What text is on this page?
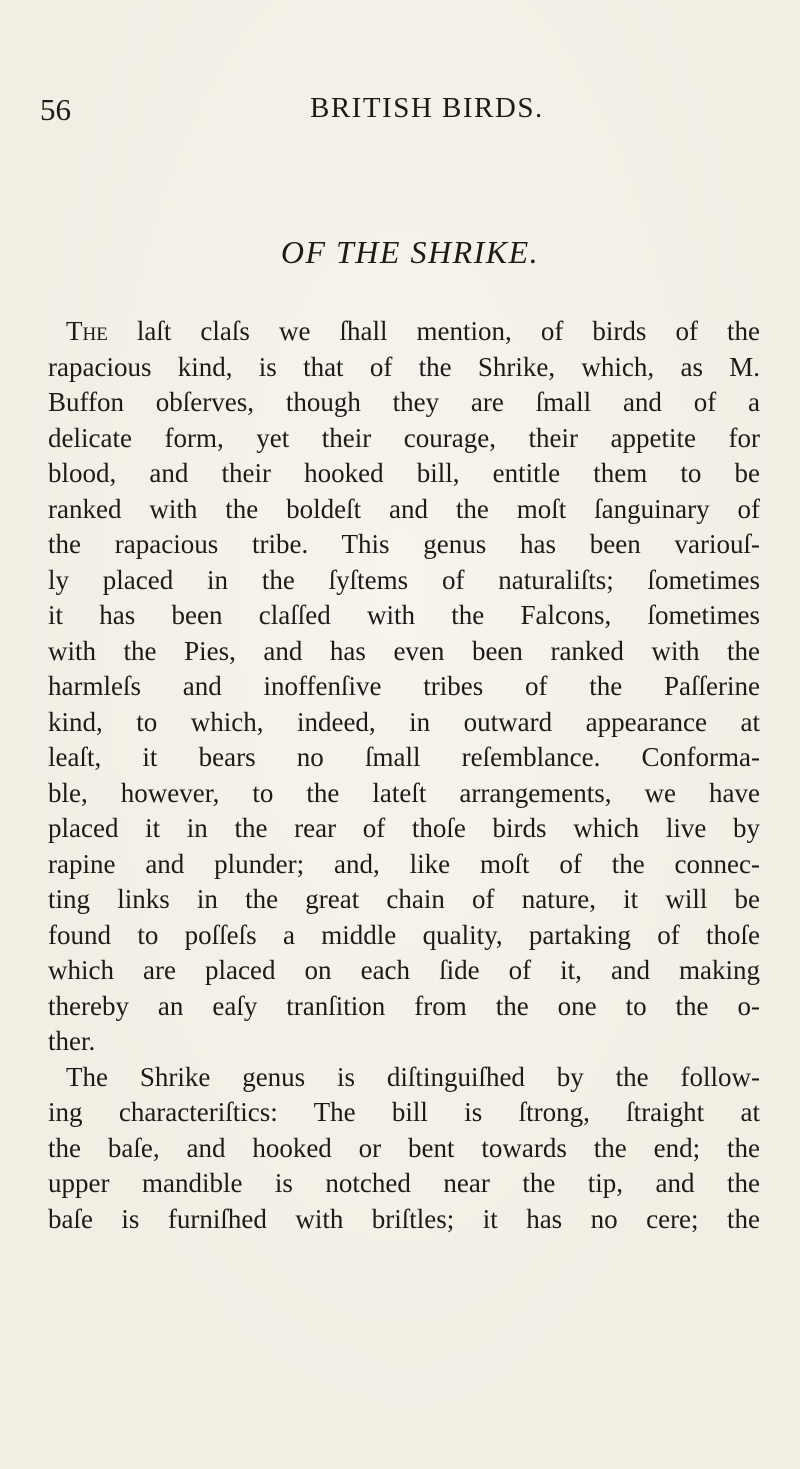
56	BRITISH BIRDS.
OF THE SHRIKE.
The laſt claſs we ſhall mention, of birds of the
rapacious kind, is that of the Shrike, which, as M.
Buffon obſerves, though they are ſmall and of a
delicate form, yet their courage, their appetite for
blood, and their hooked bill, entitle them to be
ranked with the boldeſt and the moſt ſanguinary of
the rapacious tribe. This genus has been variouſ-
ly placed in the ſyſtems of naturaliſts; ſometimes
it has been claſſed with the Falcons, ſometimes
with the Pies, and has even been ranked with the
harmleſs and inoffenſive tribes of the Paſſerine
kind, to which, indeed, in outward appearance at
leaſt, it bears no ſmall reſemblance. Conforma-
ble, however, to the lateſt arrangements, we have
placed it in the rear of thoſe birds which live by
rapine and plunder; and, like moſt of the connec-
ting links in the great chain of nature, it will be
found to poſſeſs a middle quality, partaking of thoſe
which are placed on each ſide of it, and making
thereby an eaſy tranſition from the one to the o-
ther.
The Shrike genus is diſtinguiſhed by the follow-
ing characteriſtics: The bill is ſtrong, ſtraight at
the baſe, and hooked or bent towards the end; the
upper mandible is notched near the tip, and the
baſe is furniſhed with briſtles; it has no cere; the
